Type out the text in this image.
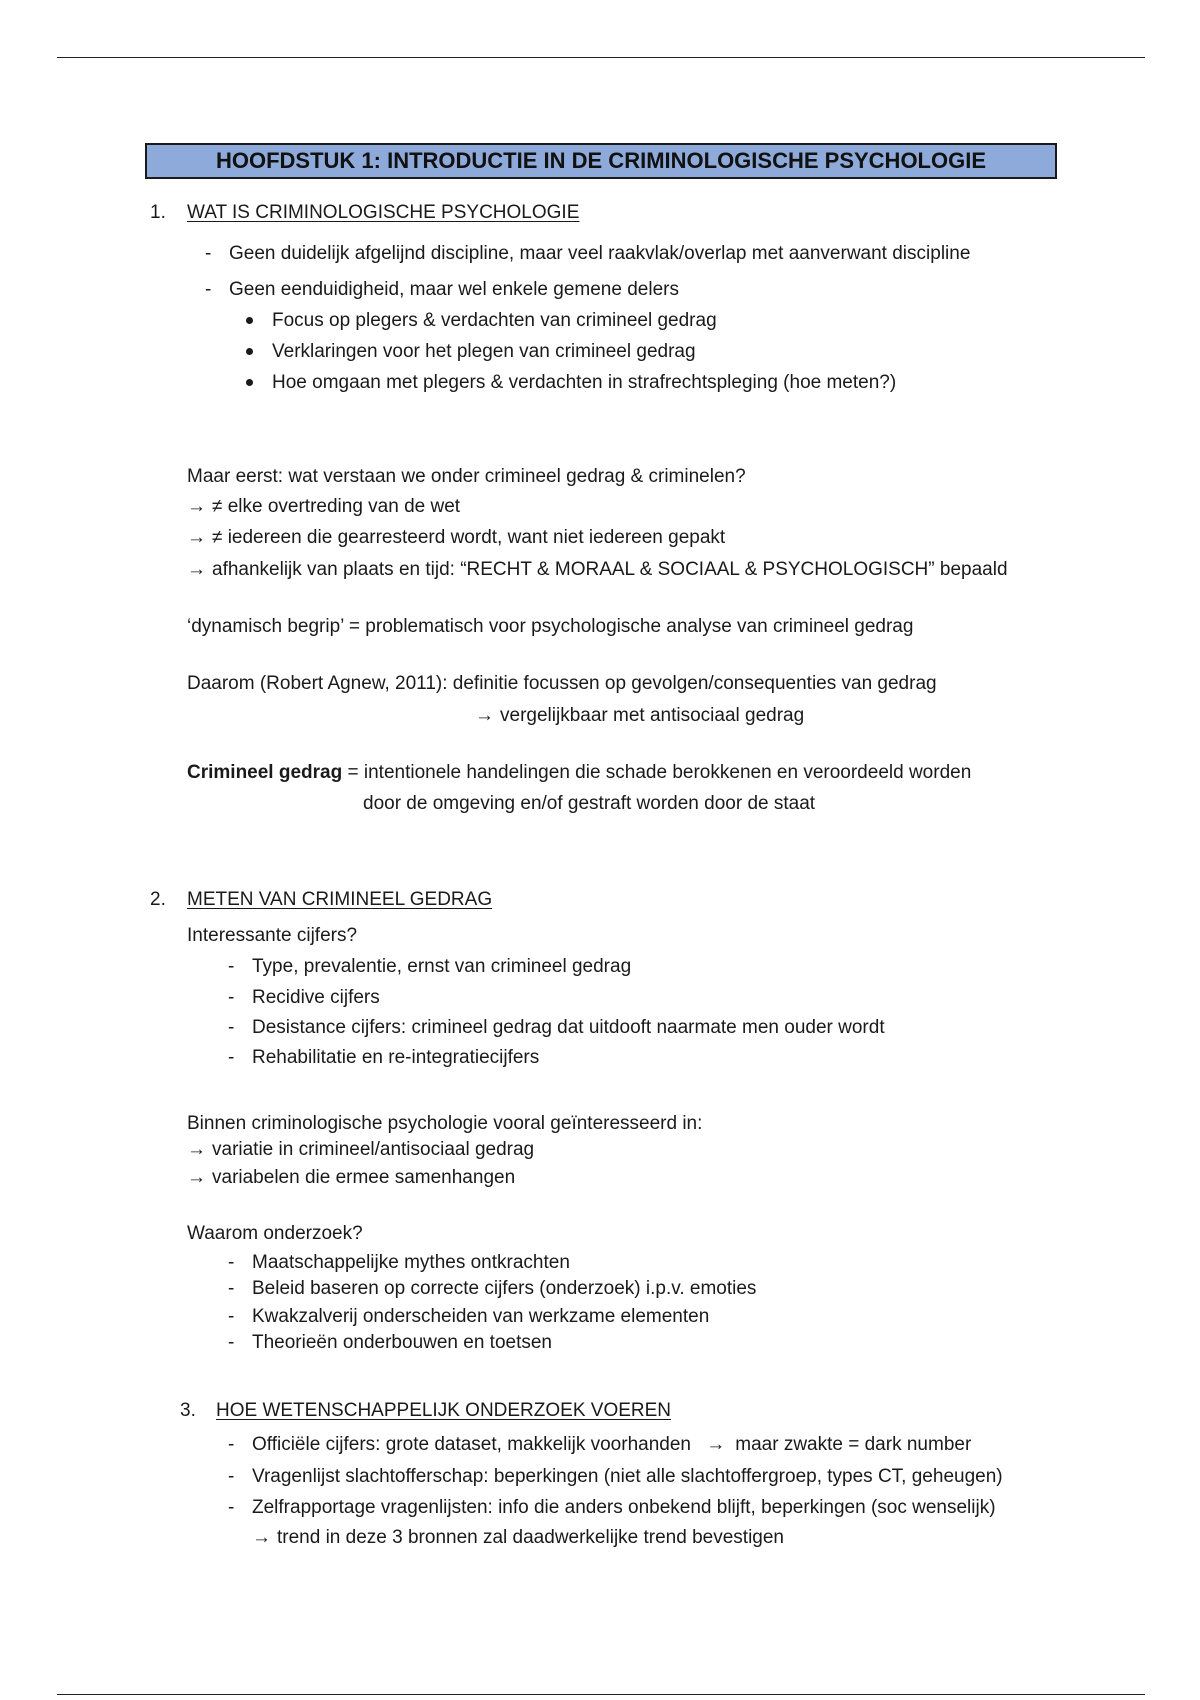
HOOFDSTUK 1: INTRODUCTIE IN DE CRIMINOLOGISCHE PSYCHOLOGIE
1. WAT IS CRIMINOLOGISCHE PSYCHOLOGIE
- Geen duidelijk afgelijnd discipline, maar veel raakvlak/overlap met aanverwant discipline
- Geen eenduidigheid, maar wel enkele gemene delers
Focus op plegers & verdachten van crimineel gedrag
Verklaringen voor het plegen van crimineel gedrag
Hoe omgaan met plegers & verdachten in strafrechtspleging (hoe meten?)
Maar eerst: wat verstaan we onder crimineel gedrag & criminelen?
→ ≠ elke overtreding van de wet
→ ≠ iedereen die gearresteerd wordt, want niet iedereen gepakt
→ afhankelijk van plaats en tijd: “RECHT & MORAAL & SOCIAAL & PSYCHOLOGISCH” bepaald
‘dynamisch begrip’ = problematisch voor psychologische analyse van crimineel gedrag
Daarom (Robert Agnew, 2011): definitie focussen op gevolgen/consequenties van gedrag
→ vergelijkbaar met antisociaal gedrag
Crimineel gedrag = intentionele handelingen die schade berokkenen en veroordeeld worden
door de omgeving en/of gestraft worden door de staat
2. METEN VAN CRIMINEEL GEDRAG
Interessante cijfers?
- Type, prevalentie, ernst van crimineel gedrag
- Recidive cijfers
- Desistance cijfers: crimineel gedrag dat uitdooft naarmate men ouder wordt
- Rehabilitatie en re-integratiecijfers
Binnen criminologische psychologie vooral geïnteresseerd in:
→ variatie in crimineel/antisociaal gedrag
→ variabelen die ermee samenhangen
Waarom onderzoek?
- Maatschappelijke mythes ontkrachten
- Beleid baseren op correcte cijfers (onderzoek) i.p.v. emoties
- Kwakzalverij onderscheiden van werkzame elementen
- Theorieën onderbouwen en toetsen
3. HOE WETENSCHAPPELIJK ONDERZOEK VOEREN
- Officiële cijfers: grote dataset, makkelijk voorhanden → maar zwakte = dark number
- Vragenlijst slachtofferschap: beperkingen (niet alle slachtoffergroep, types CT, geheugen)
- Zelfrapportage vragenlijsten: info die anders onbekend blijft, beperkingen (soc wenselijk)
→ trend in deze 3 bronnen zal daadwerkelijke trend bevestigen
